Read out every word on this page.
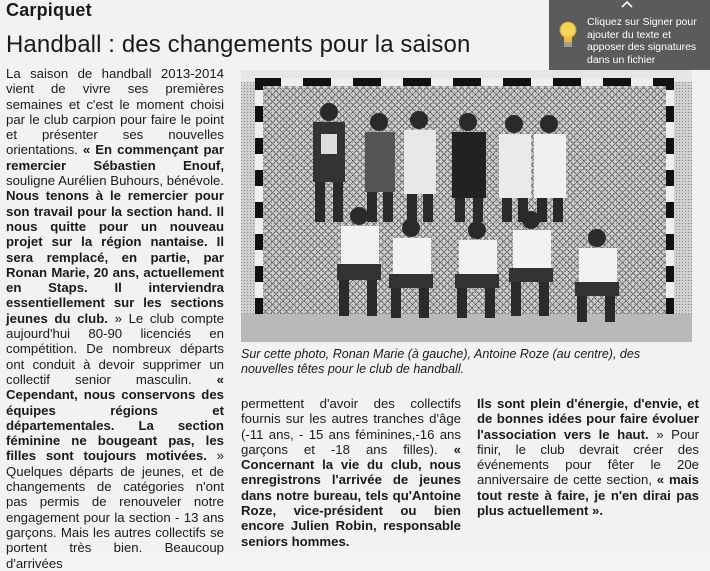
Carpiquet
Handball : des changements pour la saison

La saison de handball 2013-2014 vient de vivre ses premières semaines et c'est le moment choisi par le club carpion pour faire le point et présenter ses nouvelles orientations. « En commençant par remercier Sébastien Enouf, souligne Aurélien Buhours, bénévole. Nous tenons à le remercier pour son travail pour la section hand. Il nous quitte pour un nouveau projet sur la région nantaise. Il sera remplacé, en partie, par Ronan Marie, 20 ans, actuellement en Staps. Il interviendra essentiellement sur les sections jeunes du club. » Le club compte aujourd'hui 80-90 licenciés en compétition. De nombreux départs ont conduit à devoir supprimer un collectif senior masculin. « Cependant, nous conservons des équipes régions et départementales. La section féminine ne bougeant pas, les filles sont toujours motivées. » Quelques départs de jeunes, et de changements de catégories n'ont pas permis de renouveler notre engagement pour la section - 13 ans garçons. Mais les autres collectifs se portent très bien. Beaucoup d'arrivées

Sur cette photo, Ronan Marie (à gauche), Antoine Roze (au centre), des nouvelles têtes pour le club de handball.

permettent d'avoir des collectifs fournis sur les autres tranches d'âge (-11 ans, - 15 ans féminines,-16 ans garçons et -18 ans filles). « Concernant la vie du club, nous enregistrons l'arrivée de jeunes dans notre bureau, tels qu'Antoine Roze, vice-président ou bien encore Julien Robin, responsable seniors hommes.

Ils sont plein d'énergie, d'envie, et de bonnes idées pour faire évoluer l'association vers le haut. » Pour finir, le club devrait créer des événements pour fêter le 20e anniversaire de cette section, « mais tout reste à faire, je n'en dirai pas plus actuellement ».

Cliquez sur Signer pour ajouter du texte et apposer des signatures dans un fichier
